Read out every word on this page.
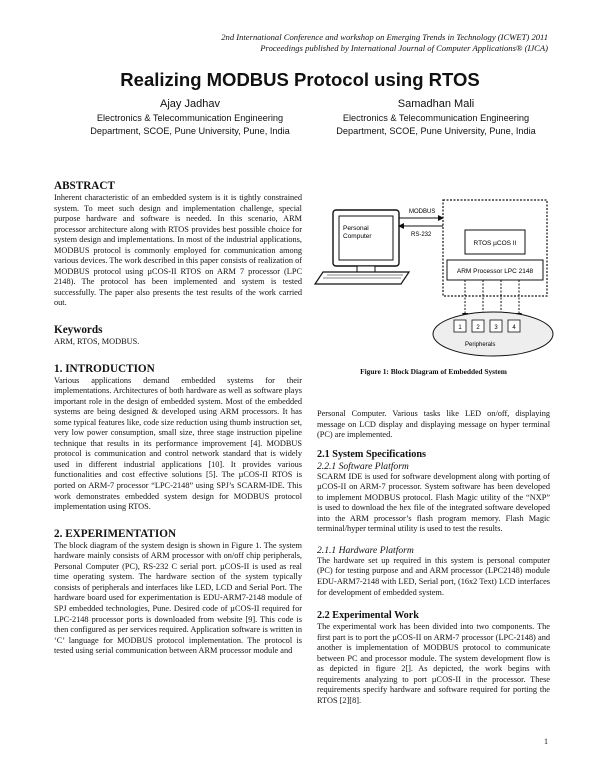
2nd International Conference and workshop on Emerging Trends in Technology (ICWET) 2011
Proceedings published by International Journal of Computer Applications® (IJCA)
Realizing MODBUS Protocol using RTOS
Ajay Jadhav
Electronics & Telecommunication Engineering
Department, SCOE, Pune University, Pune, India
Samadhan Mali
Electronics & Telecommunication Engineering
Department, SCOE, Pune University, Pune, India
ABSTRACT

Inherent characteristic of an embedded system is it is tightly constrained system. To meet such design and implementation challenge, special purpose hardware and software is needed. In this scenario, ARM processor architecture along with RTOS provides best possible choice for system design and implementations. In most of the industrial applications, MODBUS protocol is commonly employed for communication among various devices. The work described in this paper consists of realization of MODBUS protocol using µCOS-II RTOS on ARM 7 processor (LPC 2148). The protocol has been implemented and system is tested successfully. The paper also presents the test results of the work carried out.

Keywords

ARM, RTOS, MODBUS.

1. INTRODUCTION

Various applications demand embedded systems for their implementations. Architectures of both hardware as well as software plays important role in the design of embedded system. Most of the embedded systems are being designed & developed using ARM processors. It has some typical features like, code size reduction using thumb instruction set, very low power consumption, small size, three stage instruction pipeline technique that results in its performance improvement [4]. MODBUS protocol is communication and control network standard that is widely used in different industrial applications [10]. It provides various functionalities and cost effective solutions [5]. The µCOS-II RTOS is ported on ARM-7 processor “LPC-2148” using SPJ’s SCARM-IDE. This work demonstrates embedded system design for MODBUS protocol implementation using RTOS.

2. EXPERIMENTATION

The block diagram of the system design is shown in Figure 1. The system hardware mainly consists of ARM processor with on/off chip peripherals, Personal Computer (PC), RS-232 C serial port. µCOS-II is used as real time operating system. The hardware section of the system typically consists of peripherals and interfaces like LED, LCD and Serial Port. The hardware board used for experimentation is EDU-ARM7-2148 module of SPJ embedded technologies, Pune. Desired code of µCOS-II required for LPC-2148 processor ports is downloaded from website [9]. This code is then configured as per services required. Application software is written in ‘C’ language for MODBUS protocol implementation. The protocol is tested using serial communication between ARM processor module and

Personal
Computer
MODBUS
RS-232
RTOS µCOS II
ARM Processor LPC 2148
1 2 3 4
Peripherals
Figure 1: Block Diagram of Embedded System

Personal Computer. Various tasks like LED on/off, displaying message on LCD display and displaying message on hyper terminal (PC) are implemented.

2.1 System Specifications
2.2.1 Software Platform

SCARM IDE is used for software development along with porting of µCOS-II on ARM-7 processor. System software has been developed to implement MODBUS protocol. Flash Magic utility of the “NXP” is used to download the hex file of the integrated software developed into the ARM processor’s flash program memory. Flash Magic terminal/hyper terminal utility is used to test the results.

2.1.1 Hardware Platform

The hardware set up required in this system is personal computer (PC) for testing purpose and and ARM processor (LPC2148) module EDU-ARM7-2148 with LED, Serial port, (16x2 Text) LCD interfaces for development of embedded system.

2.2 Experimental Work

The experimental work has been divided into two components. The first part is to port the µCOS-II on ARM-7 processor (LPC-2148) and another is implementation of MODBUS protocol to communicate between PC and processor module. The system development flow is as depicted in figure 2[]. As depicted, the work begins with requirements analyzing to port µCOS-II in the processor. These requirements specify hardware and software required for porting the RTOS [2][8].

1
